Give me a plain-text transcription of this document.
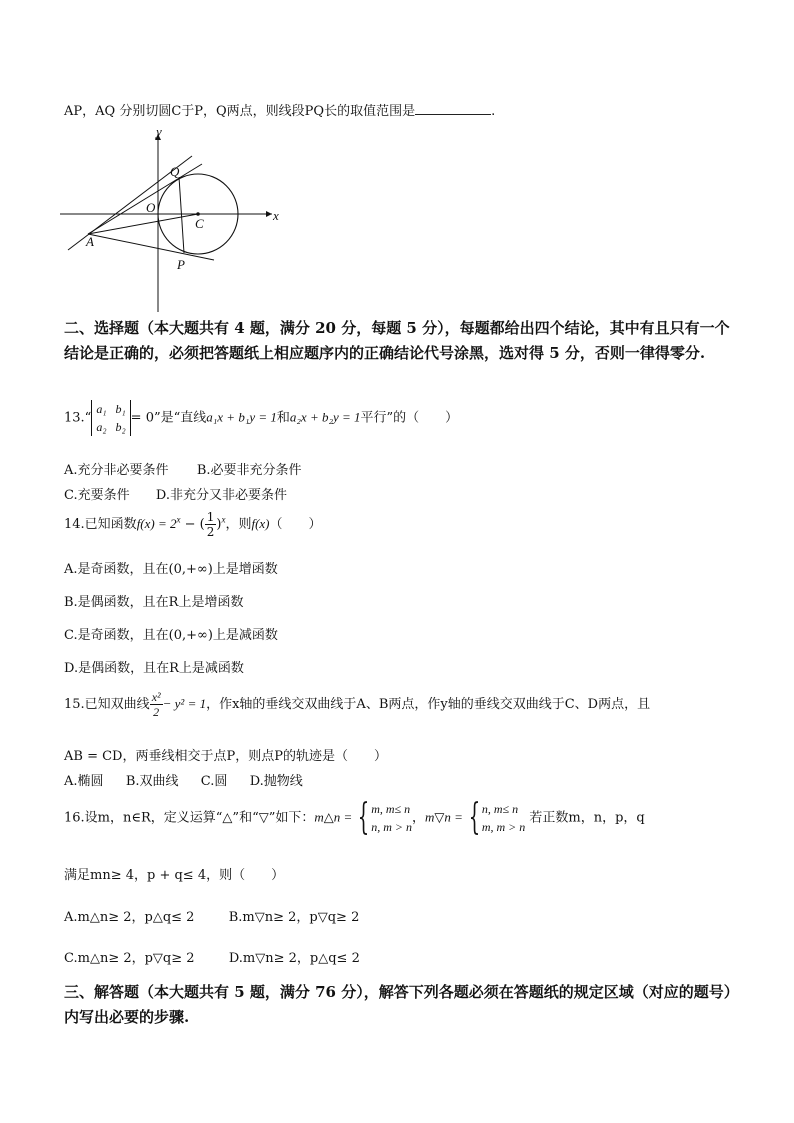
AP，AQ 分别切圆C于P，Q两点，则线段PQ长的取值范围是	.
y
x
O
Q
C
A
P
二、选择题（本大题共有 4 题，满分 20 分，每题 5 分），每题都给出四个结论，其中有且只有一个结论是正确的，必须把答题纸上相应题序内的正确结论代号涂黑，选对得 5 分，否则一律得零分.
13.“a₁ b₁
a₂ b₂= 0”是“直线a₁x + b₁y = 1和a₂x + b₂y = 1平行”的（　　）
A.充分非必要条件 B.必要非充分条件
C.充要条件 D.非充分又非必要条件
14.已知函数$f(x) = 2^x$ − ( $\frac{1}{2} )^x$，则f(x)（　　）
A.是奇函数，且在(0,+∞)上是增函数
B.是偶函数，且在R上是增函数
C.是奇函数，且在(0,+∞)上是减函数
D.是偶函数，且在R上是减函数
15.已知双曲线 $\frac{\text{x²}}{2} - y^2 = 1$，作x轴的垂线交双曲线于A、B两点，作y轴的垂线交双曲线于C、D两点，且
AB = CD，两垂线相交于点P，则点P的轨迹是（　　）
A.椭圆 B.双曲线 C.圆 D.抛物线
16.设m，n∈R，定义运算“△”和“▽”如下：m△n = { m, m≤ n
n, m > n，m▽n = { n, m≤ n
m, m > n 若正数m，n，p，q
满足mn≥ 4，p + q≤ 4，则（　　）
A.m△n≥ 2，p△q≤ 2	B.m▽n≥ 2，p▽q≥ 2
C.m△n≥ 2，p▽q≥ 2	D.m▽n≥ 2，p△q≤ 2
三、解答题（本大题共有 5 题，满分 76 分），解答下列各题必须在答题纸的规定区域（对应的题号）内写出必要的步骤.
